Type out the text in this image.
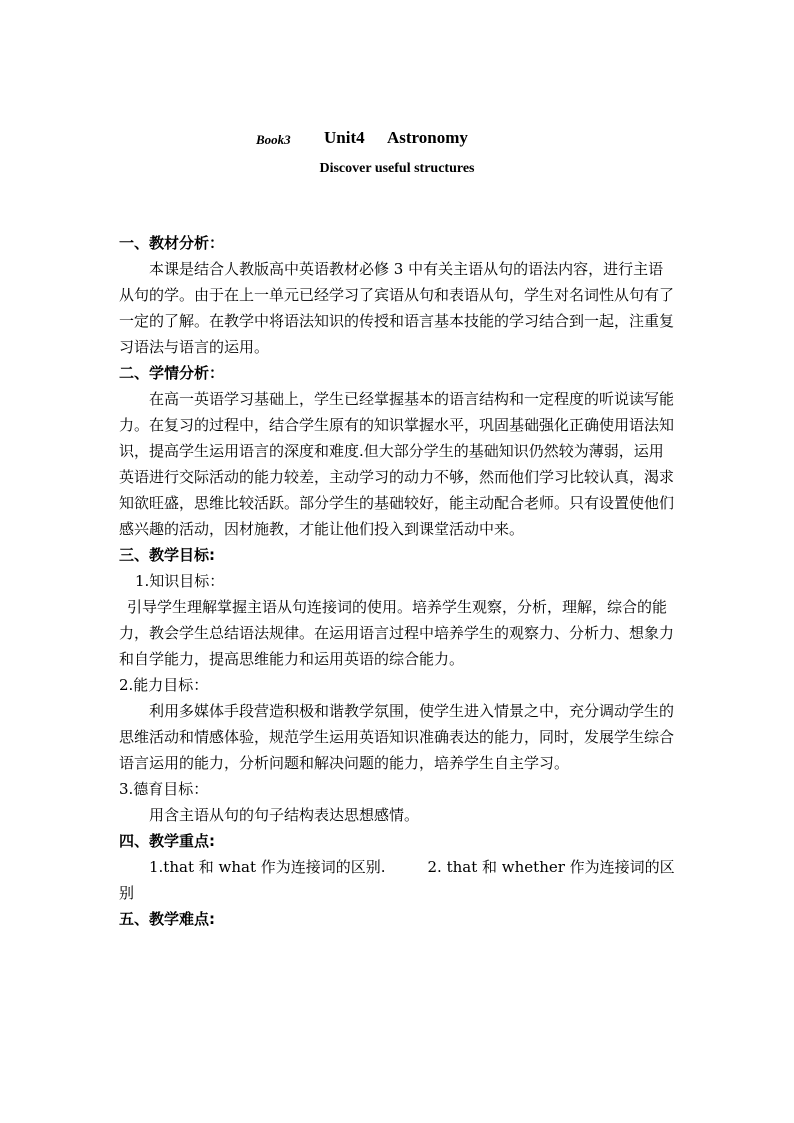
Book3 Unit4 Astronomy
Discover useful structures

一、教材分析：

本课是结合人教版高中英语教材必修 3 中有关主语从句的语法内容，进行主语从句的学。由于在上一单元已经学习了宾语从句和表语从句，学生对名词性从句有了一定的了解。在教学中将语法知识的传授和语言基本技能的学习结合到一起，注重复习语法与语言的运用。

二、学情分析：

在高一英语学习基础上，学生已经掌握基本的语言结构和一定程度的听说读写能力。在复习的过程中，结合学生原有的知识掌握水平，巩固基础强化正确使用语法知识，提高学生运用语言的深度和难度.但大部分学生的基础知识仍然较为薄弱，运用英语进行交际活动的能力较差，主动学习的动力不够，然而他们学习比较认真，渴求知欲旺盛，思维比较活跃。部分学生的基础较好，能主动配合老师。只有设置使他们感兴趣的活动，因材施教，才能让他们投入到课堂活动中来。

三、教学目标:

1.知识目标：

引导学生理解掌握主语从句连接词的使用。培养学生观察，分析，理解，综合的能力，教会学生总结语法规律。在运用语言过程中培养学生的观察力、分析力、想象力和自学能力，提高思维能力和运用英语的综合能力。

2.能力目标：

利用多媒体手段营造积极和谐教学氛围，使学生进入情景之中，充分调动学生的思维活动和情感体验，规范学生运用英语知识准确表达的能力，同时，发展学生综合语言运用的能力，分析问题和解决问题的能力，培养学生自主学习。

3.德育目标：

用含主语从句的句子结构表达思想感情。

四、教学重点:

1.that 和 what 作为连接词的区别.	2. that 和 whether 作为连接词的区别

五、教学难点:
